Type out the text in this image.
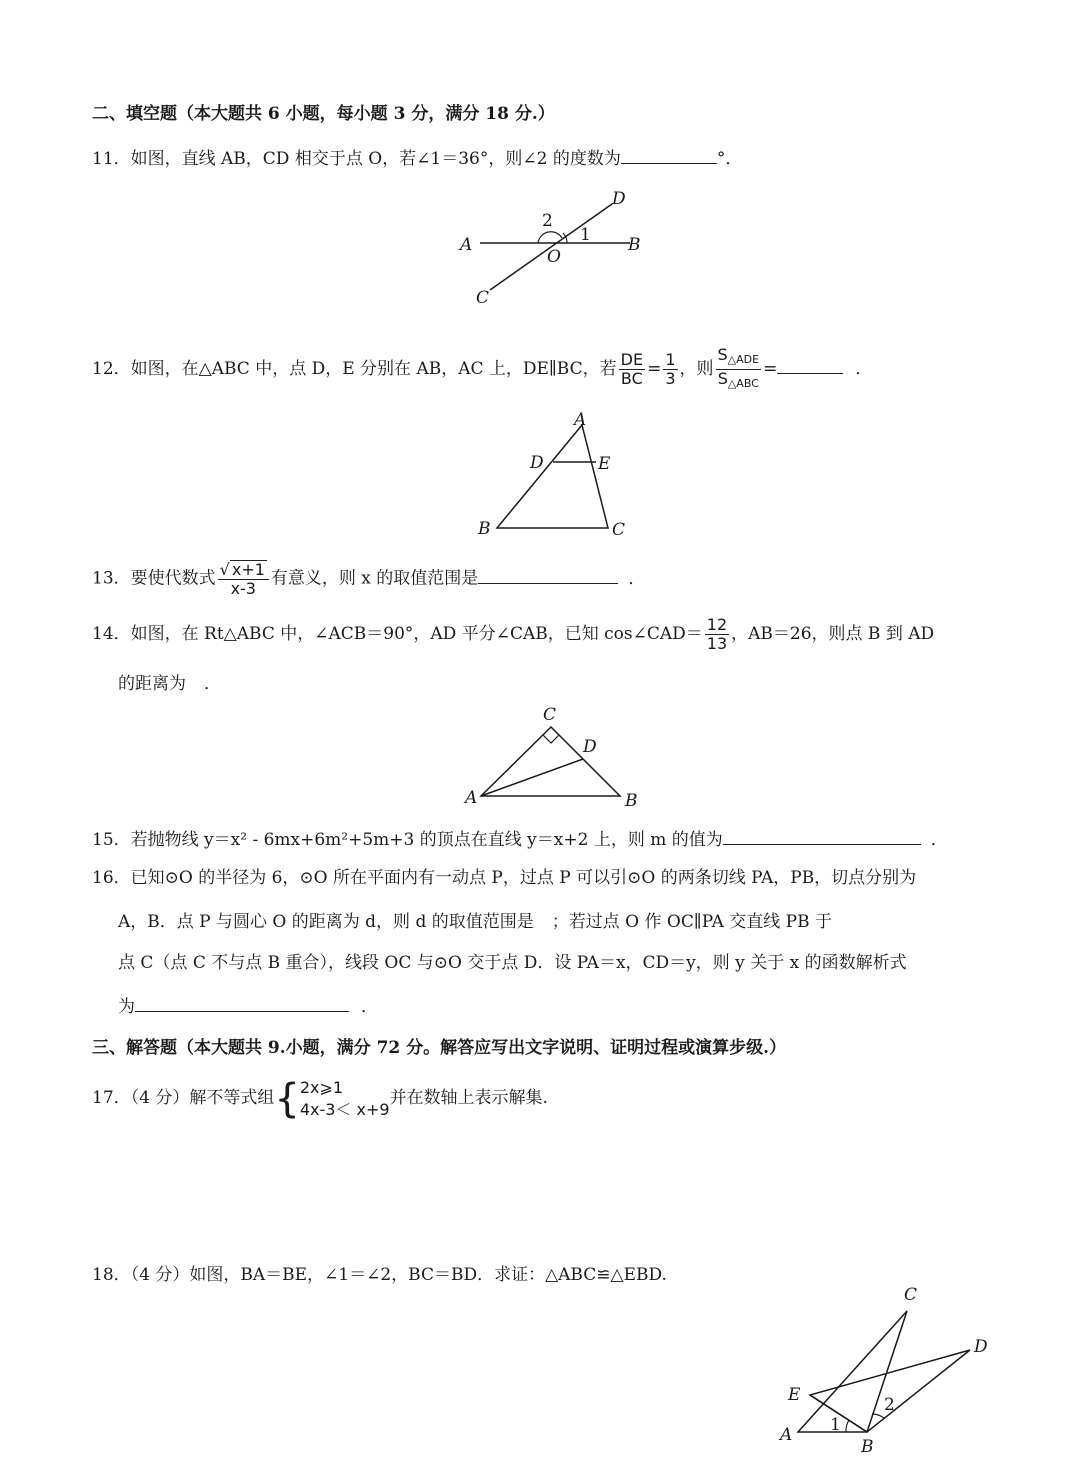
二、填空题（本大题共 6 小题，每小题 3 分，满分 18 分.）
11．如图，直线 AB，CD 相交于点 O，若∠1＝36°，则∠2 的度数为	°．
A	B
C
D
O
1
2
12．如图，在△ABC 中，点 D，E 分别在 AB，AC 上，DE∥BC，若 $\frac{DE}{BC} = \frac{1}{3}$ ，则 $\frac{S_{\triangle ADE}}{S_{\triangle ABC}}$ =	．
A
B	C
D	E
13．要使代数式 $\frac{√ x+1}{x-3}$ 有意义，则 x 的取值范围是	．
14．如图，在 Rt△ABC 中，∠ACB＝90°，AD 平分∠CAB，已知 cos∠CAD＝ $\frac{12}{13}$ ，AB＝26，则点 B 到 AD
的距离为 ．
C
D
A	B
15．若抛物线 y＝x² - 6mx+6m²+5m+3 的顶点在直线 y＝x+2 上，则 m 的值为	．
16．已知⊙O 的半径为 6，⊙O 所在平面内有一动点 P，过点 P 可以引⊙O 的两条切线 PA，PB，切点分别为
A，B．点 P 与圆心 O 的距离为 d，则 d 的取值范围是 ；若过点 O 作 OC∥PA 交直线 PB 于
点 C（点 C 不与点 B 重合），线段 OC 与⊙O 交于点 D．设 PA＝x，CD＝y，则 y 关于 x 的函数解析式
为	．
三、解答题（本大题共 9.小题，满分 72 分。解答应写出文字说明、证明过程或演算步级.）
17．（4 分）解不等式组 { 2x⩾1
4x-3＜ x+9
并在数轴上表示解集.
18．（4 分）如图，BA＝BE，∠1＝∠2，BC＝BD．求证：△ABC≌△EBD.
C
D
E
A
B
1
2
